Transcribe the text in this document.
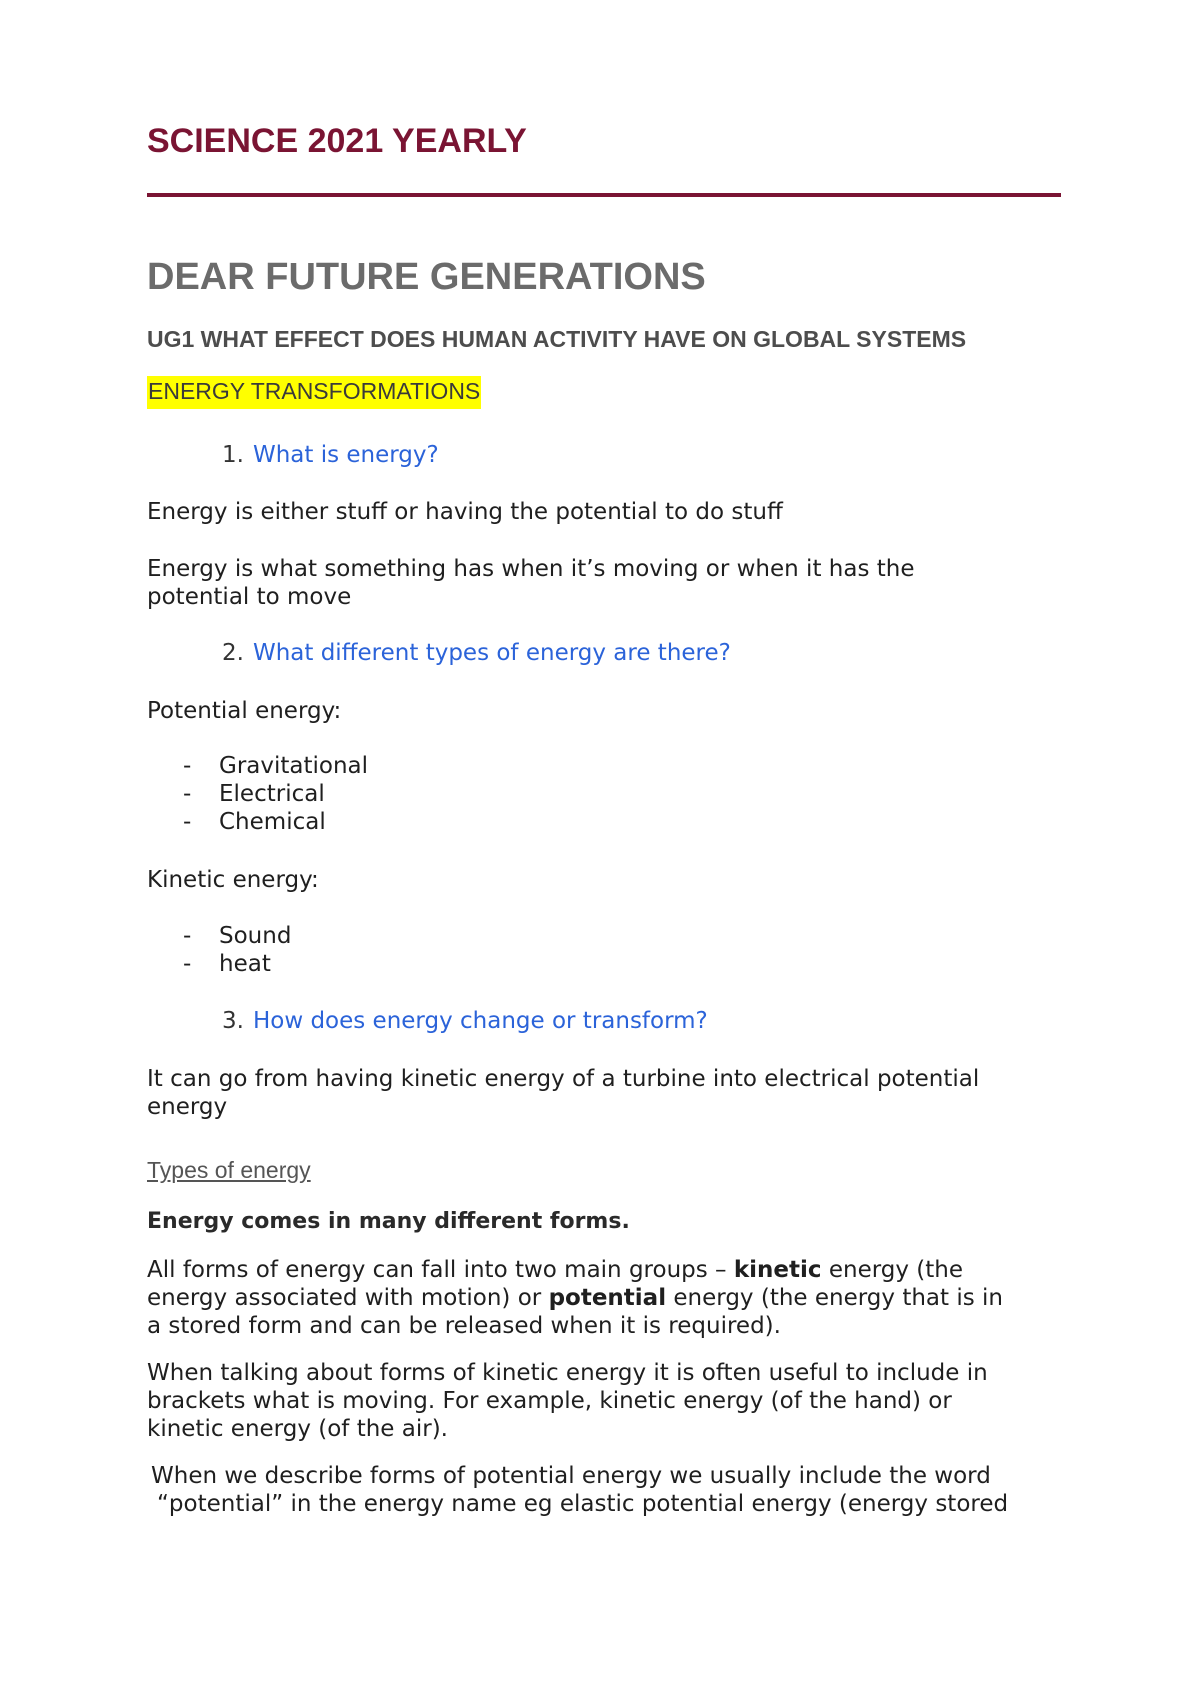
SCIENCE 2021 YEARLY
DEAR FUTURE GENERATIONS
UG1 WHAT EFFECT DOES HUMAN ACTIVITY HAVE ON GLOBAL SYSTEMS
ENERGY TRANSFORMATIONS
1. What is energy?
Energy is either stuff or having the potential to do stuff
Energy is what something has when it’s moving or when it has the
potential to move
2. What different types of energy are there?
Potential energy:
- Gravitational
- Electrical
- Chemical
Kinetic energy:
- Sound
- heat
3. How does energy change or transform?
It can go from having kinetic energy of a turbine into electrical potential
energy
Types of energy
Energy comes in many different forms.
All forms of energy can fall into two main groups – kinetic energy (the
energy associated with motion) or potential energy (the energy that is in
a stored form and can be released when it is required).
When talking about forms of kinetic energy it is often useful to include in
brackets what is moving. For example, kinetic energy (of the hand) or
kinetic energy (of the air).
When we describe forms of potential energy we usually include the word
“potential” in the energy name eg elastic potential energy (energy stored
